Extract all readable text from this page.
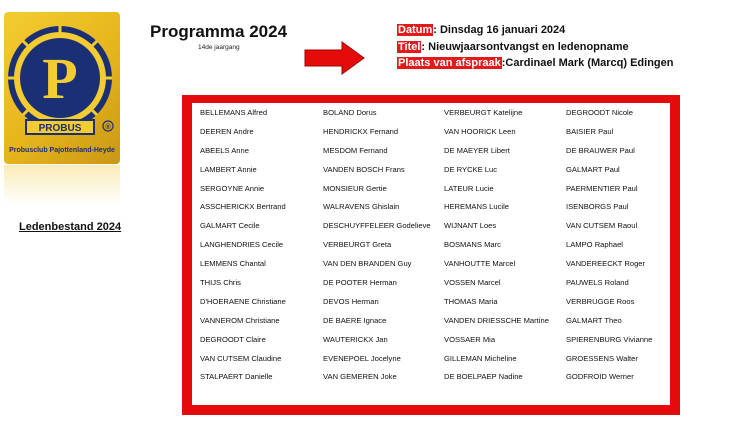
P
PROBUS	®
Probusclub Pajottenland-Heyde
Ledenbestand 2024
Programma 2024
14de jaargang
Datum: Dinsdag 16 januari 2024
Titel: Nieuwjaarsontvangst en ledenopname
Plaats van afspraak:Cardinael Mark (Marcq) Edingen
BELLEMANS Alfred	BOLAND Dorus	VERBEURGT Katelijne	DEGROODT Nicole
DEEREN Andre	HENDRICKX Fernand	VAN HOORICK Leen	BAISIER Paul
ABEELS Anne	MESDOM Fernand	DE MAEYER Libert	DE BRAUWER Paul
LAMBERT Annie	VANDEN BOSCH Frans	DE RYCKE Luc	GALMART Paul
SERGOYNE Annie	MONSIEUR Gertie	LATEUR Lucie	PAERMENTIER Paul
ASSCHERICKX Bertrand	WALRAVENS Ghislain	HEREMANS Lucile	ISENBORGS Paul
GALMART Cecile	DESCHUYFFELEER Godelieve	WIJNANT Loes	VAN CUTSEM Raoul
LANGHENDRIES Cecile	VERBEURGT Greta	BOSMANS Marc	LAMPO Raphael
LEMMENS Chantal	VAN DEN BRANDEN Guy	VANHOUTTE Marcel	VANDEREECKT Roger
THIJS Chris	DE POOTER Herman	VOSSEN Marcel	PAUWELS Roland
D'HOERAENE Christiane	DEVOS Herman	THOMAS Maria	VERBRUGGE Roos
VANNEROM Christiane	DE BAERE Ignace	VANDEN DRIESSCHE Martine	GALMART Theo
DEGROODT Claire	WAUTERICKX Jan	VOSSAER Mia	SPIERENBURG Vivianne
VAN CUTSEM Claudine	EVENEPOEL Jocelyne	GILLEMAN Micheline	GROESSENS Walter
STALPAERT Danielle	VAN GEMEREN Joke	DE BOELPAEP Nadine	GODFROID Werner
